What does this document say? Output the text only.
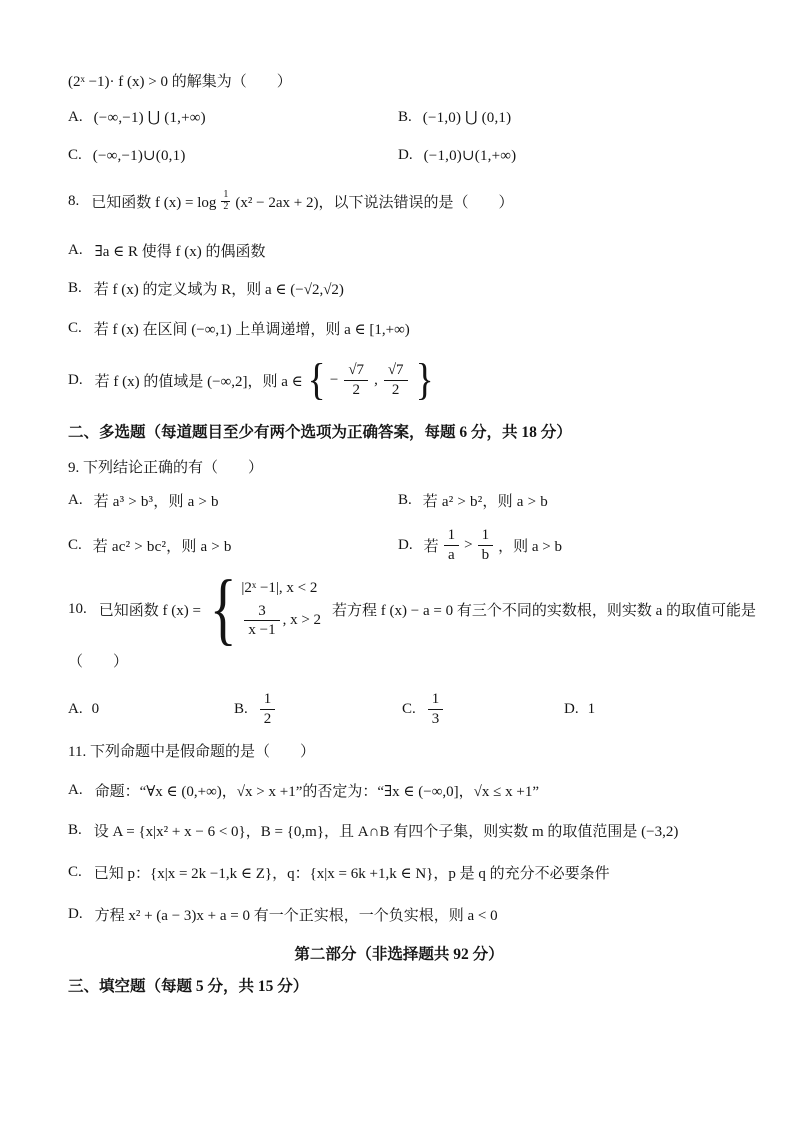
(2ˣ −1)· f (x) > 0 的解集为（　　）
A. (−∞,−1) ⋃ (1,+∞)	B. (−1,0) ⋃ (0,1)
C. (−∞,−1)∪(0,1)	D. (−1,0)∪(1,+∞)
8. 已知函数 f $(x) = \log \frac{1}{2} (x^2 - 2ax + 2)$，以下说法错误的是（　　）
A. ∃a ∈ R 使得 f (x) 的偶函数
B. 若 f (x) 的定义域为 R，则 a ∈ (−√2,√2)
C. 若 f (x) 在区间 (−∞,1) 上单调递增，则 a ∈ [1,+∞)
D. 若 f (x) 的值域是 (−∞,2]，则 a ∈ { − $\frac{√7}{2}$ , $\frac{√7}{2}$ }
二、多选题（每道题目至少有两个选项为正确答案，每题 6 分，共 18 分）
9. 下列结论正确的有（　　）
A. 若 a³ > b³，则 a > b	B. 若 a² > b²，则 a > b
C. 若 ac² > bc²，则 a > b	D. 若 $\frac{1}{a} > \frac{1}{b}$ ，则 a > b
10. 已知函数 f (x) = { |2ˣ −1|, x < 2
$\frac{3}{x -1}$ , x > 2
若方程 f (x) − a = 0 有三个不同的实数根，则实数 a 的取值可能是
（　　）
A. 0	B. $\frac{1}{2}$	C. $\frac{1}{3}$	D. 1
11. 下列命题中是假命题的是（　　）
A. 命题：“∀x ∈ (0,+∞)，√x > x +1”的否定为：“∃x ∈ (−∞,0]，√x ≤ x +1”
B. 设 A = {x|x² + x − 6 < 0}，B = {0,m}，且 A∩B 有四个子集，则实数 m 的取值范围是 (−3,2)
C. 已知 p：{x|x = 2k −1,k ∈ Z}，q：{x|x = 6k +1,k ∈ N}，p 是 q 的充分不必要条件
D. 方程 x² + (a − 3)x + a = 0 有一个正实根，一个负实根，则 a < 0
第二部分（非选择题共 92 分）
三、填空题（每题 5 分，共 15 分）
